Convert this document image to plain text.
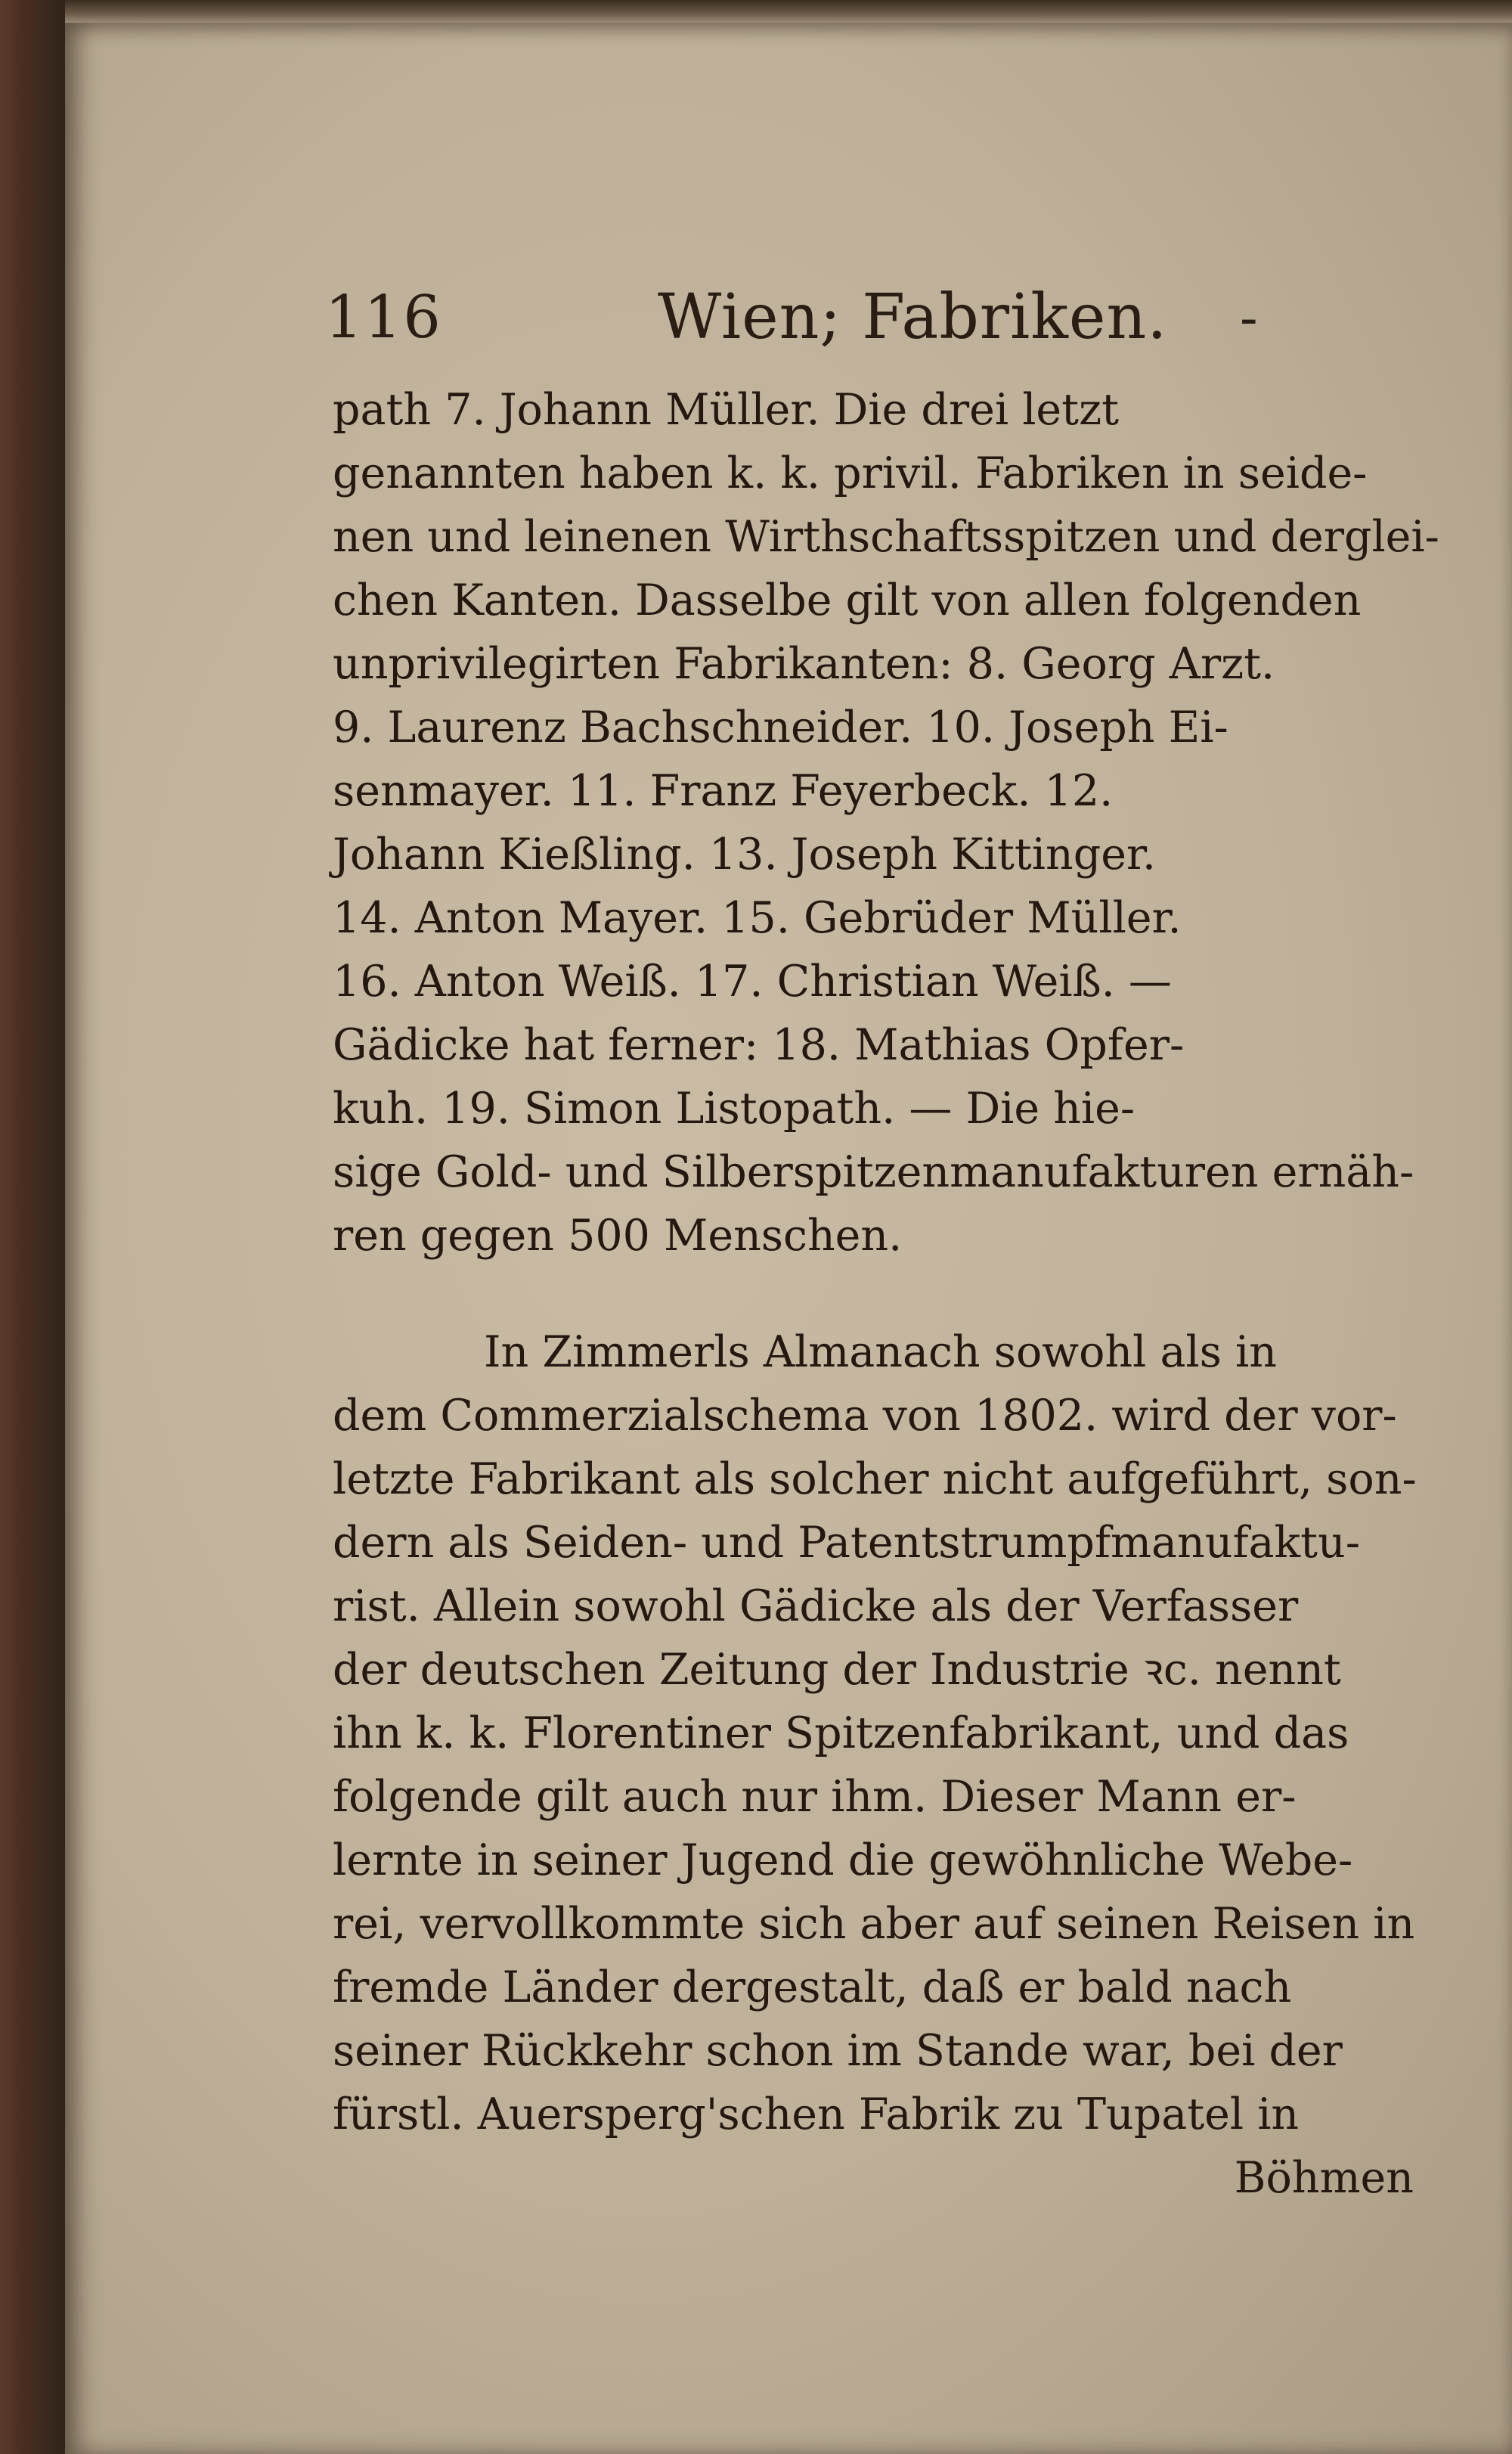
116	Wien; Fabriken. -
path 7. Johann Müller. Die drei letzt
genannten haben k. k. privil. Fabriken in seide-
nen und leinenen Wirthschaftsspitzen und derglei-
chen Kanten. Dasselbe gilt von allen folgenden
unprivilegirten Fabrikanten: 8. Georg Arzt.
9. Laurenz Bachschneider. 10. Joseph Ei-
senmayer. 11. Franz Feyerbeck. 12.
Johann Kießling. 13. Joseph Kittinger.
14. Anton Mayer. 15. Gebrüder Müller.
16. Anton Weiß. 17. Christian Weiß. —
Gädicke hat ferner: 18. Mathias Opfer-
kuh. 19. Simon Listopath. — Die hie-
sige Gold- und Silberspitzenmanufakturen ernäh-
ren gegen 500 Menschen.
In Zimmerls Almanach sowohl als in
dem Commerzialschema von 1802. wird der vor-
letzte Fabrikant als solcher nicht aufgeführt, son-
dern als Seiden- und Patentstrumpfmanufaktu-
rist. Allein sowohl Gädicke als der Verfasser
der deutschen Zeitung der Industrie ꝛc. nennt
ihn k. k. Florentiner Spitzenfabrikant, und das
folgende gilt auch nur ihm. Dieser Mann er-
lernte in seiner Jugend die gewöhnliche Webe-
rei, vervollkommte sich aber auf seinen Reisen in
fremde Länder dergestalt, daß er bald nach
seiner Rückkehr schon im Stande war, bei der
fürstl. Auersperg'schen Fabrik zu Tupatel in
Böhmen
